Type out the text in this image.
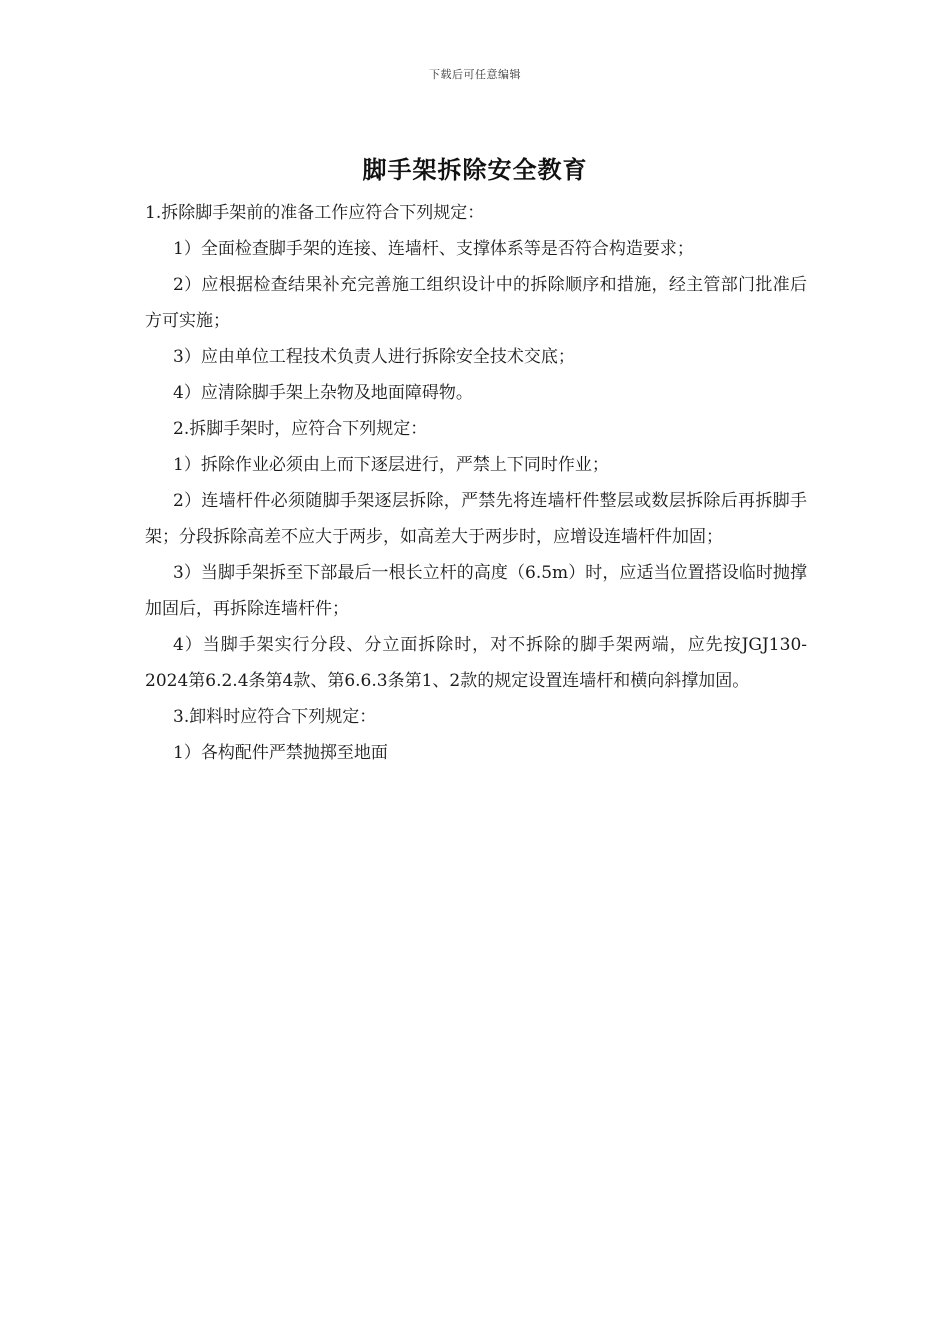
下载后可任意编辑
脚手架拆除安全教育

1.拆除脚手架前的准备工作应符合下列规定：

1）全面检查脚手架的连接、连墙杆、支撑体系等是否符合构造要求；

2）应根据检查结果补充完善施工组织设计中的拆除顺序和措施，经主管部门批准后方可实施；

3）应由单位工程技术负责人进行拆除安全技术交底；

4）应清除脚手架上杂物及地面障碍物。

2.拆脚手架时，应符合下列规定：

1）拆除作业必须由上而下逐层进行，严禁上下同时作业；

2）连墙杆件必须随脚手架逐层拆除，严禁先将连墙杆件整层或数层拆除后再拆脚手架；分段拆除高差不应大于两步，如高差大于两步时，应增设连墙杆件加固；

3）当脚手架拆至下部最后一根长立杆的高度（6.5m）时，应适当位置搭设临时抛撑加固后，再拆除连墙杆件；

4）当脚手架实行分段、分立面拆除时，对不拆除的脚手架两端，应先按JGJ130-2024第6.2.4条第4款、第6.6.3条第1、2款的规定设置连墙杆和横向斜撑加固。

3.卸料时应符合下列规定：

1）各构配件严禁抛掷至地面
